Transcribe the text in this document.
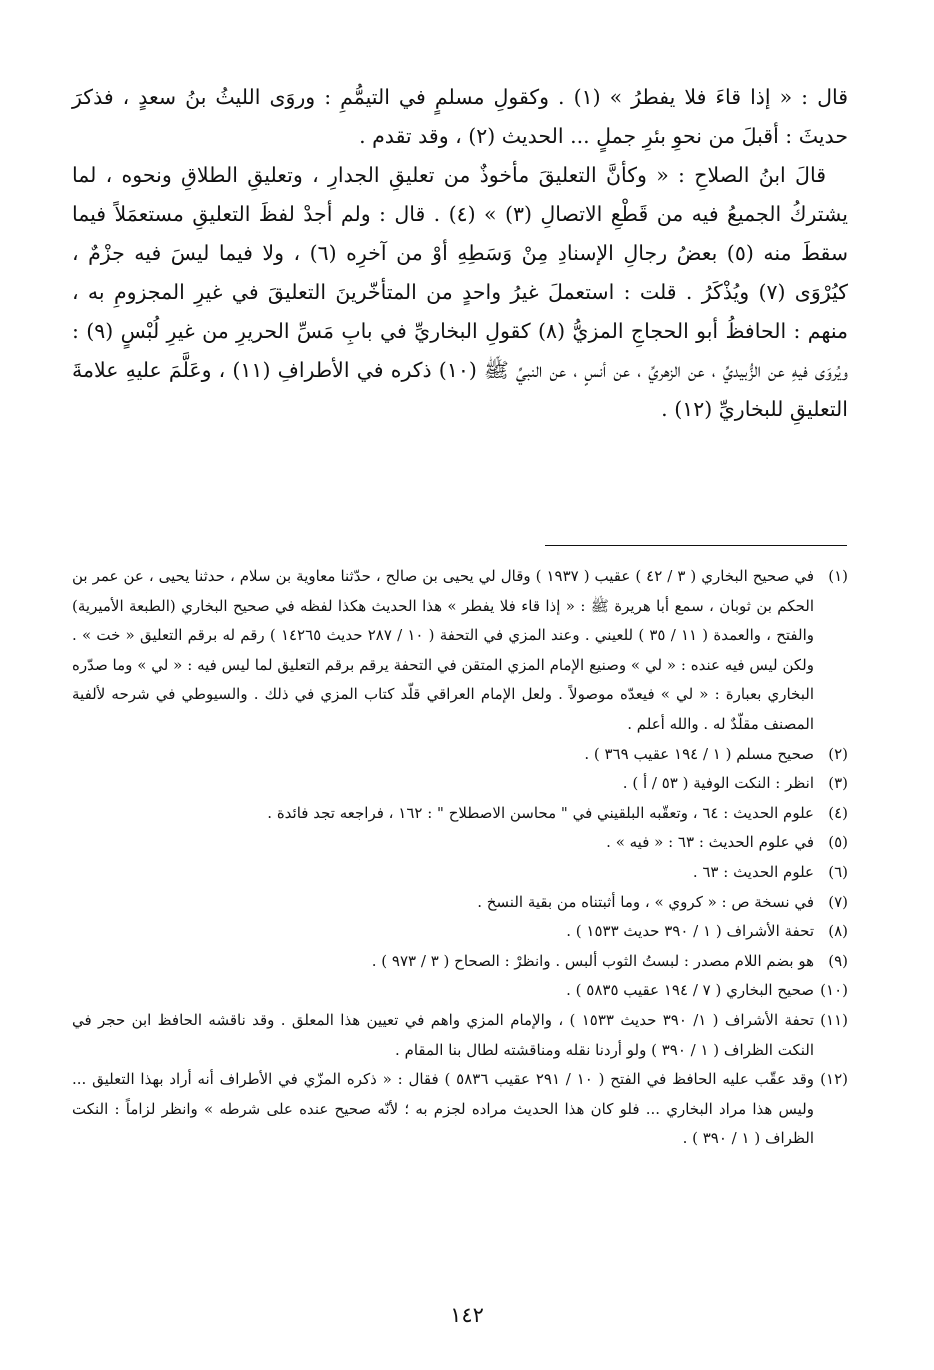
قال : « إذا قاءَ فلا يفطرُ » (١) . وكقولِ مسلمٍ في التيمُّمِ : وروَى الليثُ بنُ سعدٍ ، فذكرَ حديثَ : أقبلَ من نحوِ بئرِ جملٍ ... الحديث (٢) ، وقد تقدم .

قالَ ابنُ الصلاحِ : « وكأنَّ التعليقَ مأخوذٌ من تعليقِ الجدارِ ، وتعليقِ الطلاقِ ونحوه ، لما يشتركُ الجميعُ فيه من قَطْعِ الاتصالِ (٣) » (٤) . قال : ولم أجدْ لفظَ التعليقِ مستعمَلاً فيما سقطَ منه (٥) بعضُ رجالِ الإسنادِ مِنْ وَسَطِهِ أوْ من آخرِه (٦) ، ولا فيما ليسَ فيه جزْمٌ ، كيُرْوَى (٧) ويُذْكَرُ . قلت : استعملَ غيرُ واحدٍ من المتأخّرينَ التعليقَ في غيرِ المجزومِ به ، منهم : الحافظُ أبو الحجاجِ المزيُّ (٨) كقولِ البخاريِّ في بابِ مَسِّ الحريرِ من غيرِ لُبْسٍ (٩) : ويُروَى فيهِ عن الزُّبيديِّ ، عن الزهريِّ ، عن أنسٍ ، عن النبيِّ ﷺ (١٠) ذكره في الأطرافِ (١١) ، وعَلَّمَ عليهِ علامةَ التعليقِ للبخاريِّ (١٢) .

(١)في صحيح البخاري ( ٣ / ٤٢ ) عقيب ( ١٩٣٧ ) وقال لي يحيى بن صالح ، حدّثنا معاوية بن سلام ، حدثنا يحيى ، عن عمر بن الحكم بن ثوبان ، سمع أبا هريرة ﷺ : « إذا قاء فلا يفطر » هذا الحديث هكذا لفظه في صحيح البخاري (الطبعة الأميرية) والفتح ، والعمدة ( ١١ / ٣٥ ) للعيني . وعند المزي في التحفة ( ١٠ / ٢٨٧ حديث ١٤٢٦٥ ) رقم له برقم التعليق « خت » . ولكن ليس فيه عنده : « لي » وصنيع الإمام المزي المتقن في التحفة يرقم برقم التعليق لما ليس فيه : « لي » وما صدّره البخاري بعبارة : « لي » فيعدّه موصولاً . ولعل الإمام العراقي قلّد كتاب المزي في ذلك . والسيوطي في شرحه لألفية المصنف مقلّدٌ له . والله أعلم .

(٢)صحيح مسلم ( ١ / ١٩٤ عقيب ٣٦٩ ) .

(٣)انظر : النكت الوفية ( ٥٣ / أ ) .

(٤)علوم الحديث : ٦٤ ، وتعقّبه البلقيني في " محاسن الاصطلاح " : ١٦٢ ، فراجعه تجد فائدة .

(٥)في علوم الحديث : ٦٣ : « فيه » .

(٦)علوم الحديث : ٦٣ .

(٧)في نسخة ص : « كروي » ، وما أثبتناه من بقية النسخ .

(٨)تحفة الأشراف ( ١ / ٣٩٠ حديث ١٥٣٣ ) .

(٩)هو بضم اللام مصدر : لبستُ الثوب ألبس . وانظرْ : الصحاح ( ٣ / ٩٧٣ ) .

(١٠)صحيح البخاري ( ٧ / ١٩٤ عقيب ٥٨٣٥ ) .

(١١)تحفة الأشراف ( ١/ ٣٩٠ حديث ١٥٣٣ ) ، والإمام المزي واهم في تعيين هذا المعلق . وقد ناقشه الحافظ ابن حجر في النكت الظراف ( ١ / ٣٩٠ ) ولو أردنا نقله ومناقشته لطال بنا المقام .

(١٢)وقد عقّب عليه الحافظ في الفتح ( ١٠ / ٢٩١ عقيب ٥٨٣٦ ) فقال : « ذكره المزّي في الأطراف أنه أراد بهذا التعليق ... وليس هذا مراد البخاري ... فلو كان هذا الحديث مراده لجزم به ؛ لأنّه صحيح عنده على شرطه » وانظر لزاماً : النكت الظراف ( ١ / ٣٩٠ ) .

١٤٢
